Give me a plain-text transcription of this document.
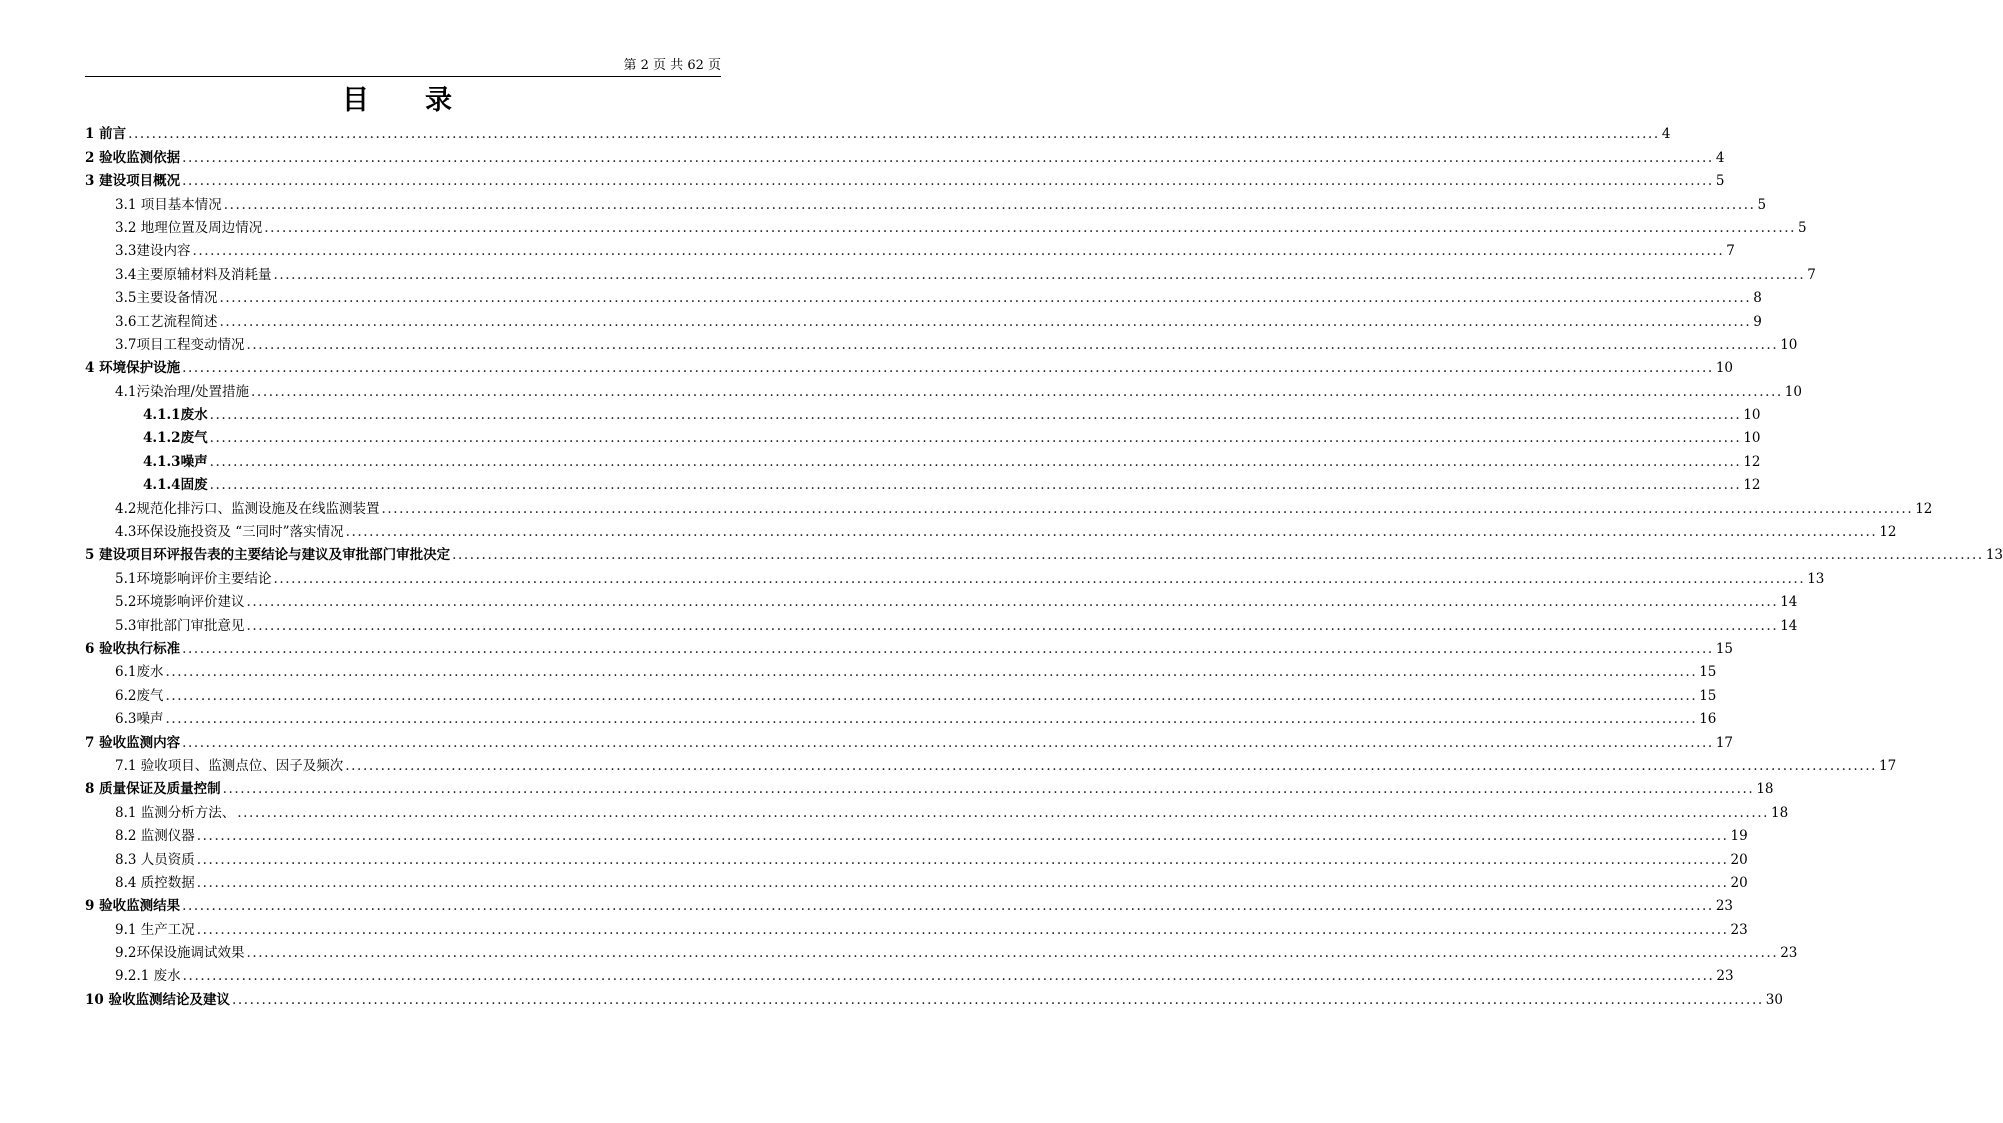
第 2 页 共 62 页
目录
1 前言 .................................................................................................................................................................................................................................................................... 4
2 验收监测依据 .................................................................................................................................................................................................................................................................... 4
3 建设项目概况 .................................................................................................................................................................................................................................................................... 5
3.1 项目基本情况 .................................................................................................................................................................................................................................................................... 5
3.2 地理位置及周边情况 .................................................................................................................................................................................................................................................................... 5
3.3建设内容 .................................................................................................................................................................................................................................................................... 7
3.4主要原辅材料及消耗量 .................................................................................................................................................................................................................................................................... 7
3.5主要设备情况 .................................................................................................................................................................................................................................................................... 8
3.6工艺流程简述 .................................................................................................................................................................................................................................................................... 9
3.7项目工程变动情况 .................................................................................................................................................................................................................................................................... 10
4 环境保护设施 .................................................................................................................................................................................................................................................................... 10
4.1污染治理/处置措施 .................................................................................................................................................................................................................................................................... 10
4.1.1废水 .................................................................................................................................................................................................................................................................... 10
4.1.2废气 .................................................................................................................................................................................................................................................................... 10
4.1.3噪声 .................................................................................................................................................................................................................................................................... 12
4.1.4固废 .................................................................................................................................................................................................................................................................... 12
4.2规范化排污口、监测设施及在线监测装置 .................................................................................................................................................................................................................................................................... 12
4.3环保设施投资及 “三同时”落实情况 .................................................................................................................................................................................................................................................................... 12
5 建设项目环评报告表的主要结论与建议及审批部门审批决定 .................................................................................................................................................................................................................................................................... 13
5.1环境影响评价主要结论 .................................................................................................................................................................................................................................................................... 13
5.2环境影响评价建议 .................................................................................................................................................................................................................................................................... 14
5.3审批部门审批意见 .................................................................................................................................................................................................................................................................... 14
6 验收执行标准 .................................................................................................................................................................................................................................................................... 15
6.1废水 .................................................................................................................................................................................................................................................................... 15
6.2废气 .................................................................................................................................................................................................................................................................... 15
6.3噪声 .................................................................................................................................................................................................................................................................... 16
7 验收监测内容 .................................................................................................................................................................................................................................................................... 17
7.1 验收项目、监测点位、因子及频次 .................................................................................................................................................................................................................................................................... 17
8 质量保证及质量控制 .................................................................................................................................................................................................................................................................... 18
8.1 监测分析方法、 .................................................................................................................................................................................................................................................................... 18
8.2 监测仪器 .................................................................................................................................................................................................................................................................... 19
8.3 人员资质 .................................................................................................................................................................................................................................................................... 20
8.4 质控数据 .................................................................................................................................................................................................................................................................... 20
9 验收监测结果 .................................................................................................................................................................................................................................................................... 23
9.1 生产工况 .................................................................................................................................................................................................................................................................... 23
9.2环保设施调试效果 .................................................................................................................................................................................................................................................................... 23
9.2.1 废水 .................................................................................................................................................................................................................................................................... 23
10 验收监测结论及建议 .................................................................................................................................................................................................................................................................... 30
